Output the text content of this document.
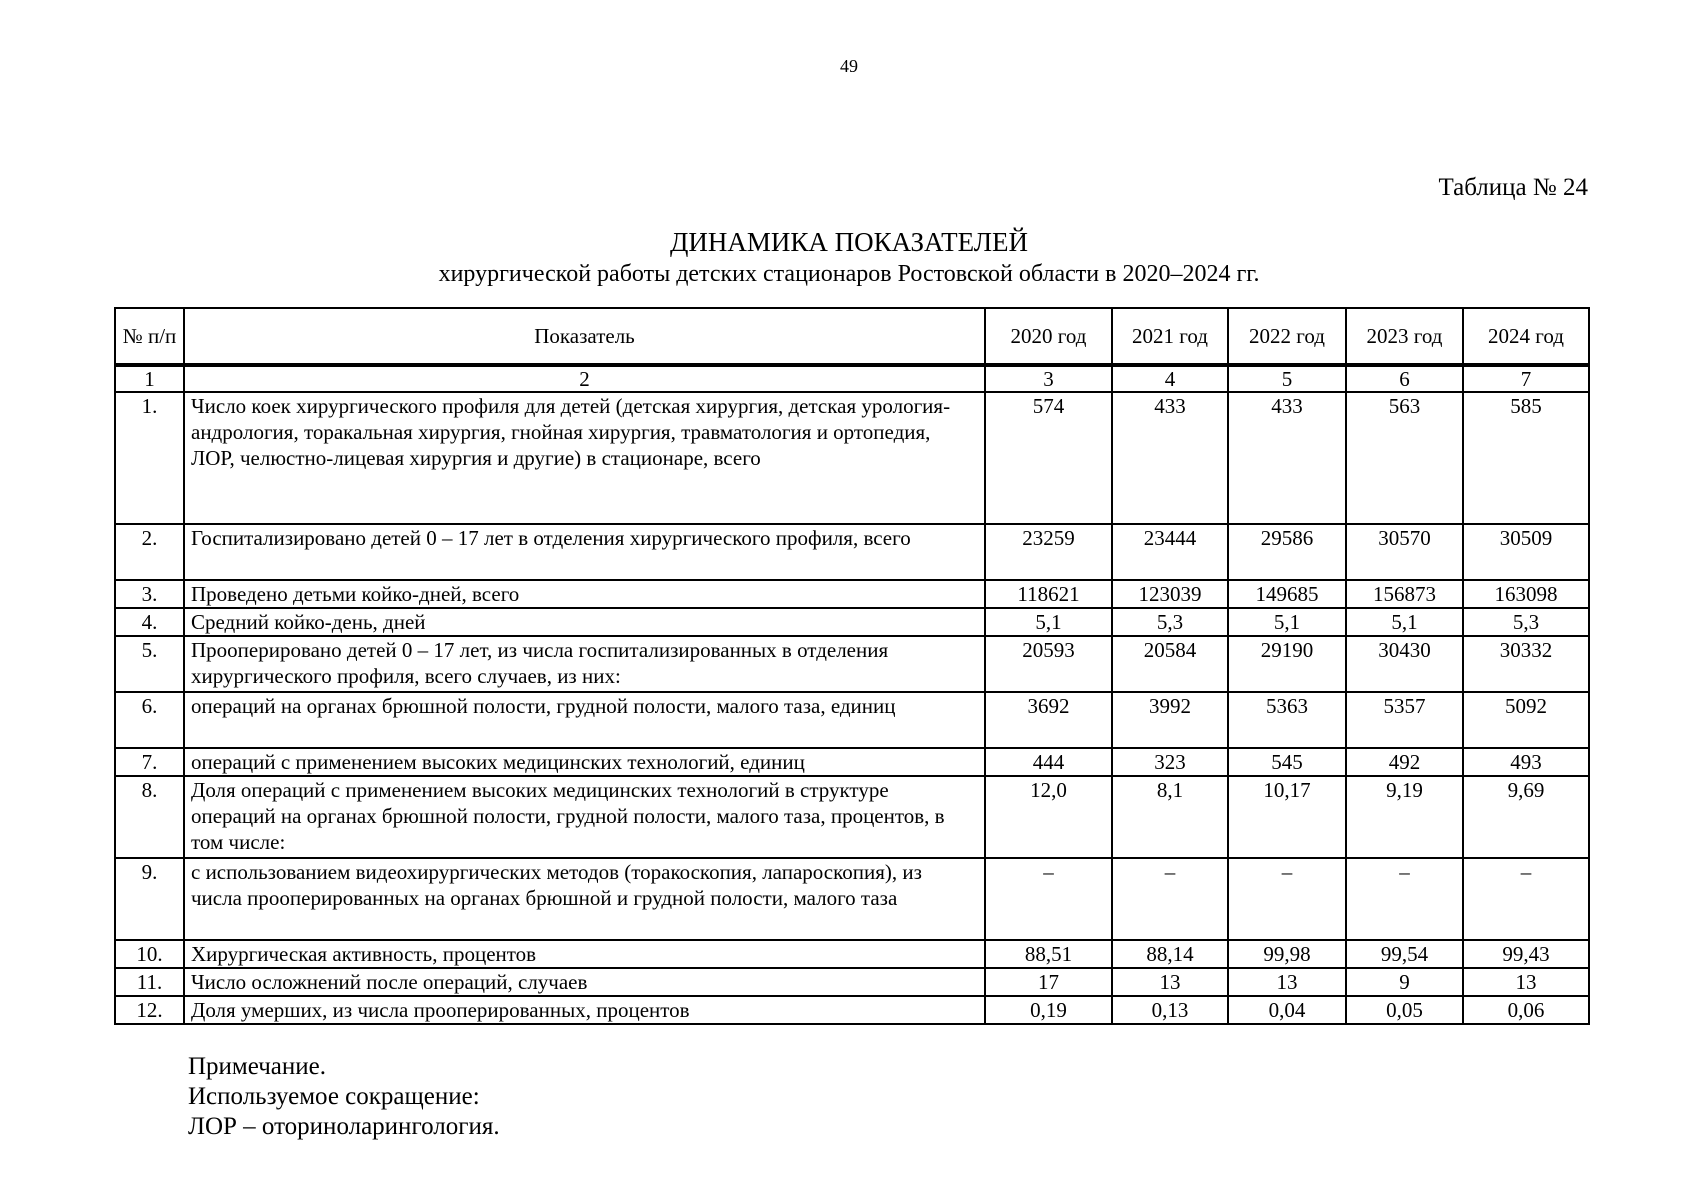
49
Таблица № 24
ДИНАМИКА ПОКАЗАТЕЛЕЙ
хирургической работы детских стационаров Ростовской области в 2020–2024 гг.
№ п/п	Показатель	2020 год	2021 год	2022 год	2023 год	2024 год
1	2	3	4	5	6	7
1.	Число коек хирургического профиля для детей (детская хирургия, детская урология-андрология, торакальная хирургия, гнойная хирургия, травматология и ортопедия, ЛОР, челюстно-лицевая хирургия и другие) в стационаре, всего	574	433	433	563	585
2.	Госпитализировано детей 0 – 17 лет в отделения хирургического профиля, всего	23259	23444	29586	30570	30509
3.	Проведено детьми койко-дней, всего	118621	123039	149685	156873	163098
4.	Средний койко-день, дней	5,1	5,3	5,1	5,1	5,3
5.	Прооперировано детей 0 – 17 лет, из числа госпитализированных в отделения хирургического профиля, всего случаев, из них:	20593	20584	29190	30430	30332
6.	операций на органах брюшной полости, грудной полости, малого таза, единиц	3692	3992	5363	5357	5092
7.	операций с применением высоких медицинских технологий, единиц	444	323	545	492	493
8.	Доля операций с применением высоких медицинских технологий в структуре операций на органах брюшной полости, грудной полости, малого таза, процентов, в том числе:	12,0	8,1	10,17	9,19	9,69
9.	с использованием видеохирургических методов (торакоскопия, лапароскопия), из числа прооперированных на органах брюшной и грудной полости, малого таза	–	–	–	–	–
10.	Хирургическая активность, процентов	88,51	88,14	99,98	99,54	99,43
11.	Число осложнений после операций, случаев	17	13	13	9	13
12.	Доля умерших, из числа прооперированных, процентов	0,19	0,13	0,04	0,05	0,06
Примечание.
Используемое сокращение:
ЛОР – оториноларингология.
